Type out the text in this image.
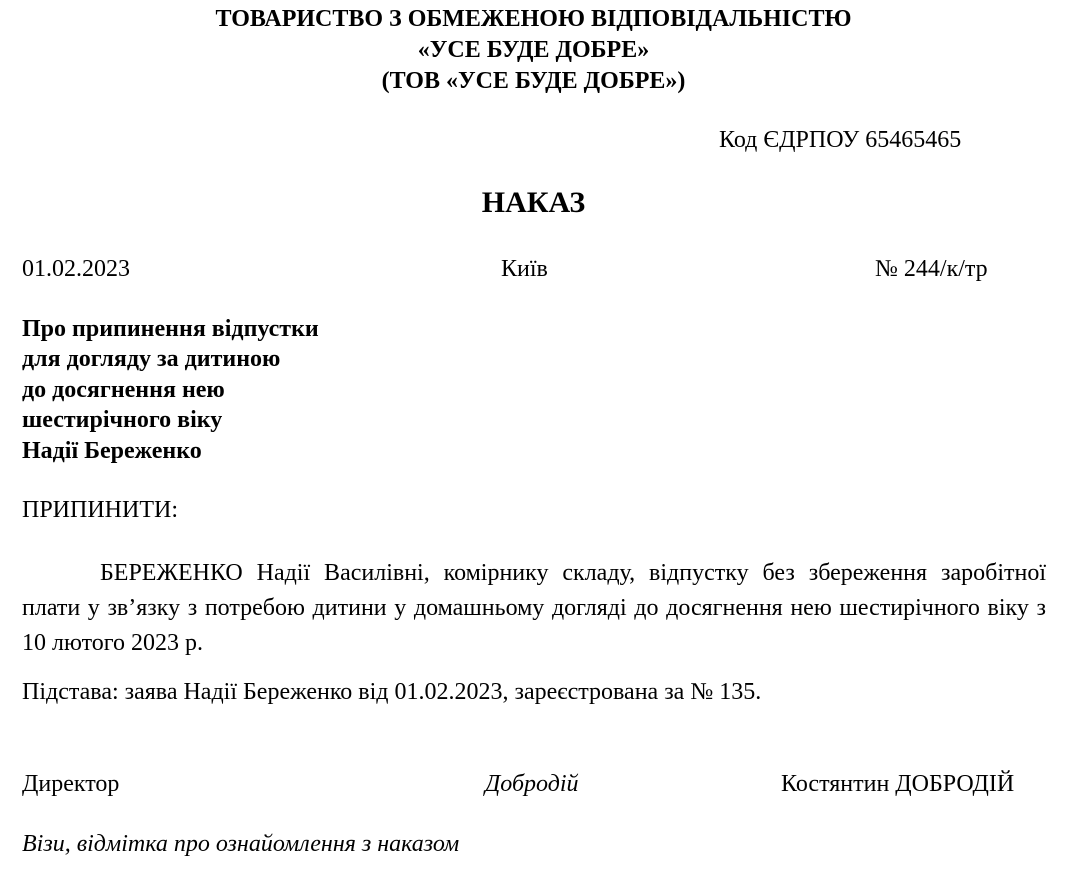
ТОВАРИСТВО З ОБМЕЖЕНОЮ ВІДПОВІДАЛЬНІСТЮ
«УСЕ БУДЕ ДОБРЕ»
(ТОВ «УСЕ БУДЕ ДОБРЕ»)
Код ЄДРПОУ 65465465
НАКАЗ
01.02.2023	Київ	№ 244/к/тр
Про припинення відпустки
для догляду за дитиною
до досягнення нею
шестирічного віку
Надії Береженко
ПРИПИНИТИ:
БЕРЕЖЕНКО Надії Василівні, комірнику складу, відпустку без збереження заробітної плати у зв’язку з потребою дитини у домашньому догляді до досягнення нею шестирічного віку з 10 лютого 2023 р.
Підстава: заява Надії Береженко від 01.02.2023, зареєстрована за № 135.
Директор	Добродій	Костянтин ДОБРОДІЙ
Візи, відмітка про ознайомлення з наказом
